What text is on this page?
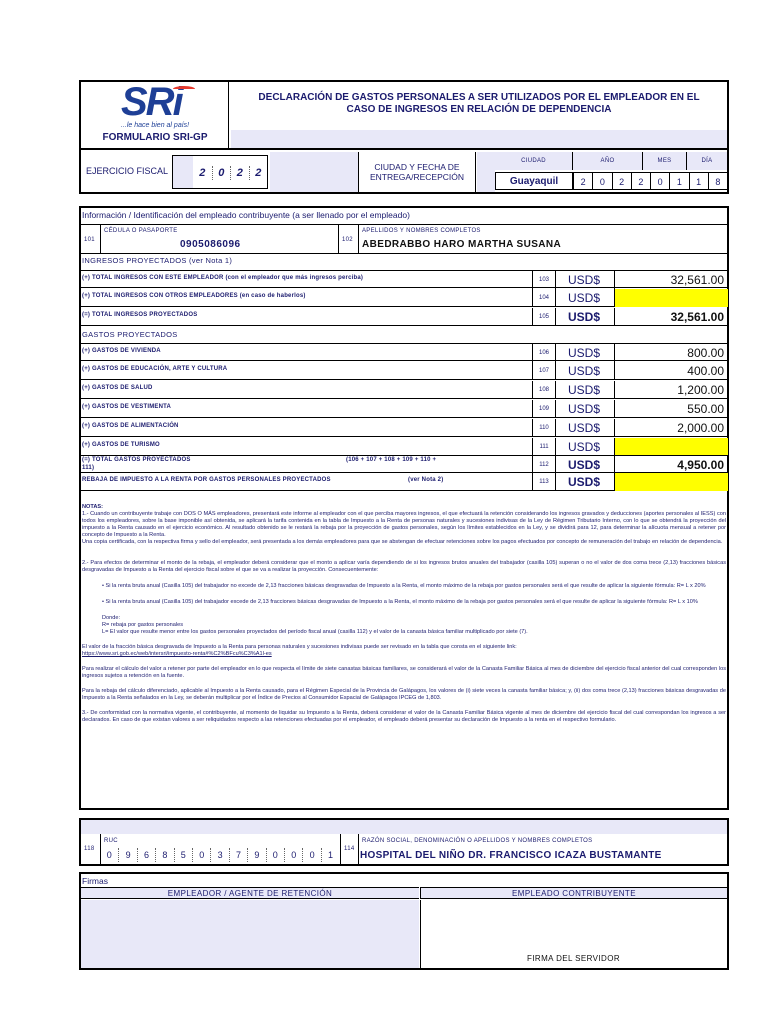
SRi
...le hace bien al país!
FORMULARIO SRI-GP
DECLARACIÓN DE GASTOS PERSONALES A SER UTILIZADOS POR EL EMPLEADOR EN EL
CASO DE INGRESOS EN RELACIÓN DE DEPENDENCIA
EJERCICIO FISCAL	2	0	2	2	CIUDAD Y FECHA DE ENTREGA/RECEPCIÓN
CIUDAD	AÑO	MES	DÍA
Guayaquil	2	0	2	2	0	1	1	8
Información / Identificación del empleado contribuyente (a ser llenado por el empleado)
101
CÉDULA O PASAPORTE
0905086096	102
APELLIDOS Y NOMBRES COMPLETOS
ABEDRABBO HARO MARTHA SUSANA
INGRESOS PROYECTADOS (ver Nota 1)
(+) TOTAL INGRESOS CON ESTE EMPLEADOR (con el empleador que más ingresos perciba)	103	USD$	32,561.00
(+) TOTAL INGRESOS CON OTROS EMPLEADORES (en caso de haberlos)	104	USD$
(=) TOTAL INGRESOS PROYECTADOS	105	USD$	32,561.00
GASTOS PROYECTADOS
(+) GASTOS DE VIVIENDA	106	USD$	800.00
(+) GASTOS DE EDUCACIÓN, ARTE Y CULTURA	107	USD$	400.00
(+) GASTOS DE SALUD	108	USD$	1,200.00
(+) GASTOS DE VESTIMENTA	109	USD$	550.00
(+) GASTOS DE ALIMENTACIÓN	110	USD$	2,000.00
(+) GASTOS DE TURISMO	111	USD$
(=) TOTAL GASTOS PROYECTADOS	(106 + 107 + 108 + 109 + 110 +
111)	112	USD$	4,950.00
REBAJA DE IMPUESTO A LA RENTA POR GASTOS PERSONALES PROYECTADOS	(ver Nota 2)	113	USD$

NOTAS:

1.- Cuando un contribuyente trabaje con DOS O MÁS empleadores, presentará este informe al empleador con el que perciba mayores ingresos, el que efectuará la retención considerando los ingresos gravados y deducciones (aportes personales al IESS) con todos los empleadores, sobre la base imponible así obtenida, se aplicará la tarifa contenida en la tabla de Impuesto a la Renta de personas naturales y sucesiones indivisas de la Ley de Régimen Tributario Interno, con lo que se obtendrá la proyección del impuesto a la Renta causado en el ejercicio económico. Al resultado obtenido se le restará la rebaja por la proyección de gastos personales, según los límites establecidos en la Ley, y se dividirá para 12, para determinar la alícuota mensual a retener por concepto de Impuesto a la Renta.

Una copia certificada, con la respectiva firma y sello del empleador, será presentada a los demás empleadores para que se abstengan de efectuar retenciones sobre los pagos efectuados por concepto de remuneración del trabajo en relación de dependencia.

2.- Para efectos de determinar el monto de la rebaja, el empleador deberá considerar que el monto a aplicar varía dependiendo de si los ingresos brutos anuales del trabajador (casilla 105) superan o no el valor de dos coma trece (2,13) fracciones básicas desgravadas de Impuesto a la Renta del ejercicio fiscal sobre el que se va a realizar la proyección. Consecuentemente:

• Si la renta bruta anual (Casilla 105) del trabajador no excede de 2,13 fracciones básicas desgravadas de Impuesto a la Renta, el monto máximo de la rebaja por gastos personales será el que resulte de aplicar la siguiente fórmula: R= L x 20%

• Si la renta bruta anual (Casilla 105) del trabajador excede de 2,13 fracciones básicas desgravadas de Impuesto a la Renta, el monto máximo de la rebaja por gastos personales será el que resulte de aplicar la siguiente fórmula: R= L x 10%

Donde:

R= rebaja por gastos personales

L= El valor que resulte menor entre los gastos personales proyectados del período fiscal anual (casilla 112) y el valor de la canasta básica familiar multiplicado por siete (7).

El valor de la fracción básica desgravada de Impuesto a la Renta para personas naturales y sucesiones indivisas puede ser revisado en la tabla que consta en el siguiente link:

https://www.sri.gob.ec/web/intersri/impuesto-renta#%C2%BFcu%C3%A1l-es

Para realizar el cálculo del valor a retener por parte del empleador en lo que respecta el límite de siete canastas básicas familiares, se considerará el valor de la Canasta Familiar Básica al mes de diciembre del ejercicio fiscal anterior del cual corresponden los ingresos sujetos a retención en la fuente.

Para la rebaja del cálculo diferenciado, aplicable al Impuesto a la Renta causado, para el Régimen Especial de la Provincia de Galápagos, los valores de (i) siete veces la canasta familiar básica; y, (ii) dos coma trece (2,13) fracciones básicas desgravadas de Impuesto a la Renta señalados en la Ley, se deberán multiplicar por el Índice de Precios al Consumidor Espacial de Galápagos IPCEG de 1,803.

3.- De conformidad con la normativa vigente, el contribuyente, al momento de liquidar su Impuesto a la Renta, deberá considerar el valor de la Canasta Familiar Básica vigente al mes de diciembre del ejercicio fiscal del cual correspondan los ingresos a ser declarados. En caso de que existan valores a ser reliquidados respecto a las retenciones efectuadas por el empleador, el empleado deberá presentar su declaración de Impuesto a la renta en el respectivo formulario.

118
RUC
0	9	6	8	5	0	3	7	9	0	0	0	1
114
RAZÓN SOCIAL, DENOMINACIÓN O APELLIDOS Y NOMBRES COMPLETOS
HOSPITAL DEL NIÑO DR. FRANCISCO ICAZA BUSTAMANTE
Firmas
EMPLEADOR / AGENTE DE RETENCIÓN	EMPLEADO CONTRIBUYENTE
FIRMA DEL SERVIDOR
